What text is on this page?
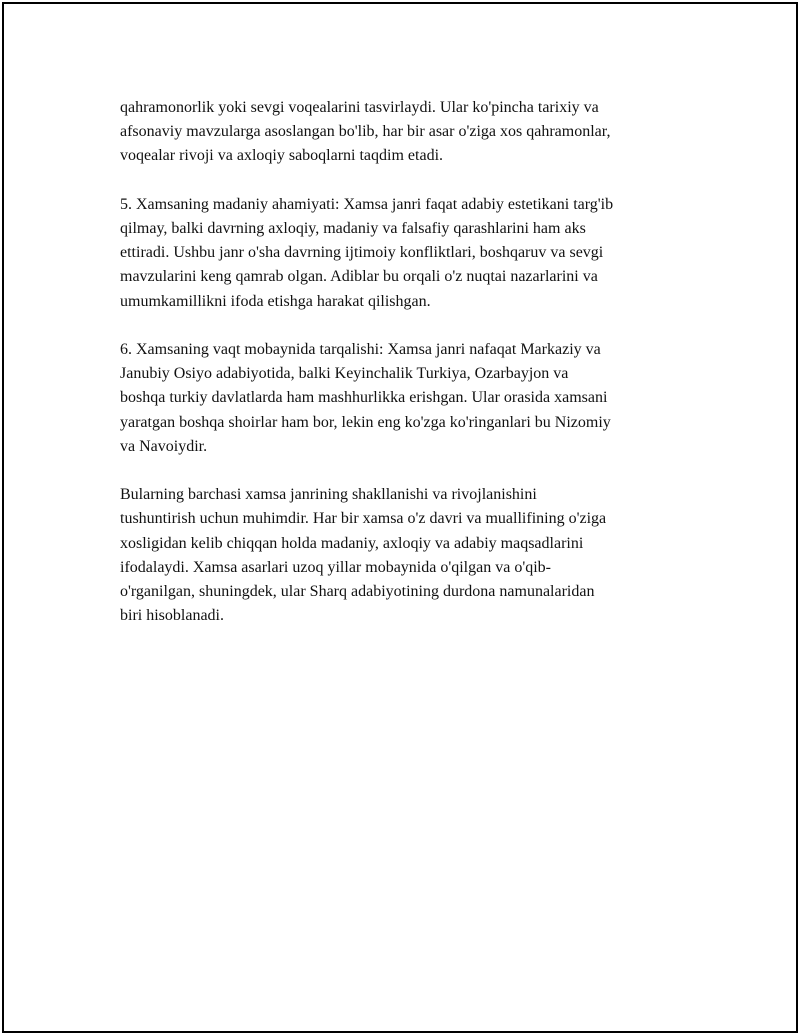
qahramonorlik yoki sevgi voqealarini tasvirlaydi. Ular ko'pincha tarixiy va
afsonaviy mavzularga asoslangan bo'lib, har bir asar o'ziga xos qahramonlar,
voqealar rivoji va axloqiy saboqlarni taqdim etadi.

5. Xamsaning madaniy ahamiyati: Xamsa janri faqat adabiy estetikani targ'ib
qilmay, balki davrning axloqiy, madaniy va falsafiy qarashlarini ham aks
ettiradi. Ushbu janr o'sha davrning ijtimoiy konfliktlari, boshqaruv va sevgi
mavzularini keng qamrab olgan. Adiblar bu orqali o'z nuqtai nazarlarini va
umumkamillikni ifoda etishga harakat qilishgan.

6. Xamsaning vaqt mobaynida tarqalishi: Xamsa janri nafaqat Markaziy va
Janubiy Osiyo adabiyotida, balki Keyinchalik Turkiya, Ozarbayjon va
boshqa turkiy davlatlarda ham mashhurlikka erishgan. Ular orasida xamsani
yaratgan boshqa shoirlar ham bor, lekin eng ko'zga ko'ringanlari bu Nizomiy
va Navoiydir.

Bularning barchasi xamsa janrining shakllanishi va rivojlanishini
tushuntirish uchun muhimdir. Har bir xamsa o'z davri va muallifining o'ziga
xosligidan kelib chiqqan holda madaniy, axloqiy va adabiy maqsadlarini
ifodalaydi. Xamsa asarlari uzoq yillar mobaynida o'qilgan va o'qib-
o'rganilgan, shuningdek, ular Sharq adabiyotining durdona namunalaridan
biri hisoblanadi.
